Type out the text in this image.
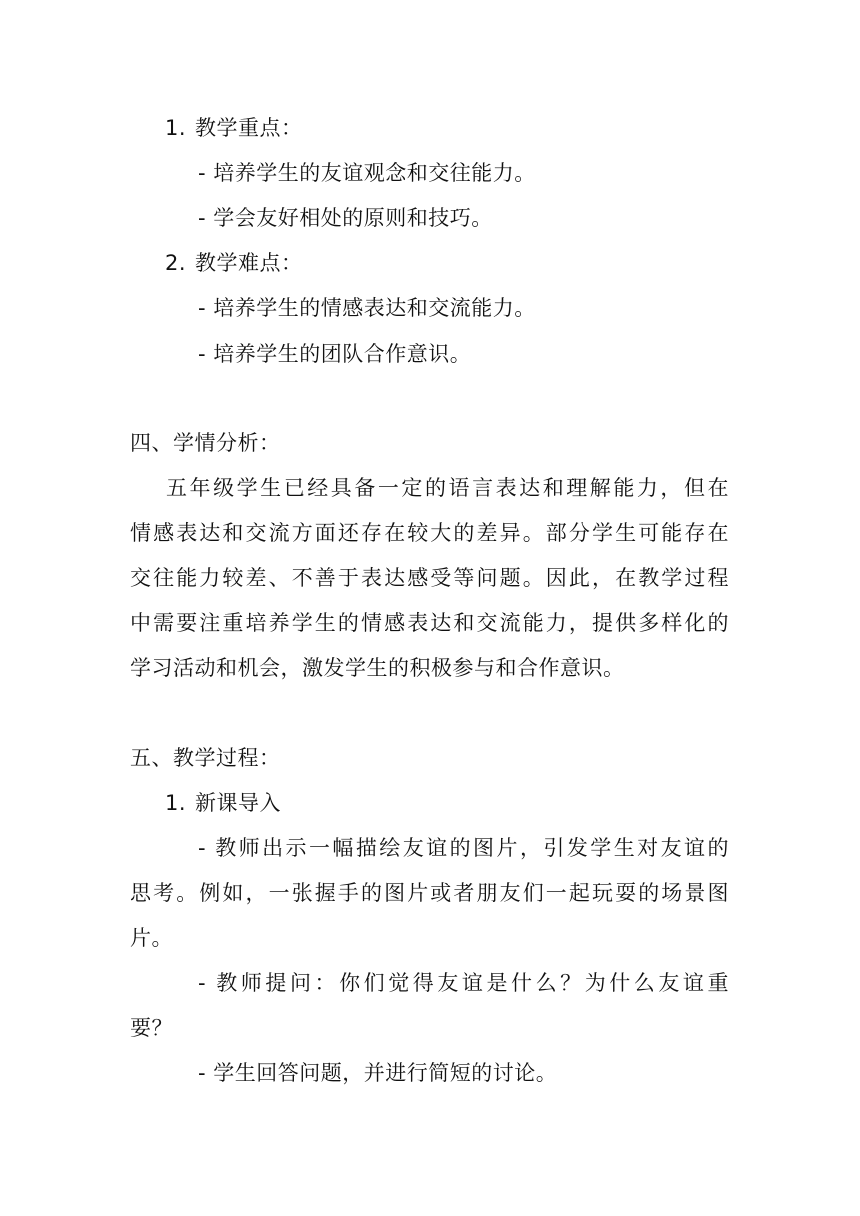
1. 教学重点：
- 培养学生的友谊观念和交往能力。
- 学会友好相处的原则和技巧。
2. 教学难点：
- 培养学生的情感表达和交流能力。
- 培养学生的团队合作意识。
四、学情分析：
五年级学生已经具备一定的语言表达和理解能力，但在
情感表达和交流方面还存在较大的差异。部分学生可能存在
交往能力较差、不善于表达感受等问题。因此，在教学过程
中需要注重培养学生的情感表达和交流能力，提供多样化的
学习活动和机会，激发学生的积极参与和合作意识。
五、教学过程：
1. 新课导入
- 教师出示一幅描绘友谊的图片，引发学生对友谊的
思考。例如，一张握手的图片或者朋友们一起玩耍的场景图
片。
- 教师提问：你们觉得友谊是什么？为什么友谊重
要？
- 学生回答问题，并进行简短的讨论。
